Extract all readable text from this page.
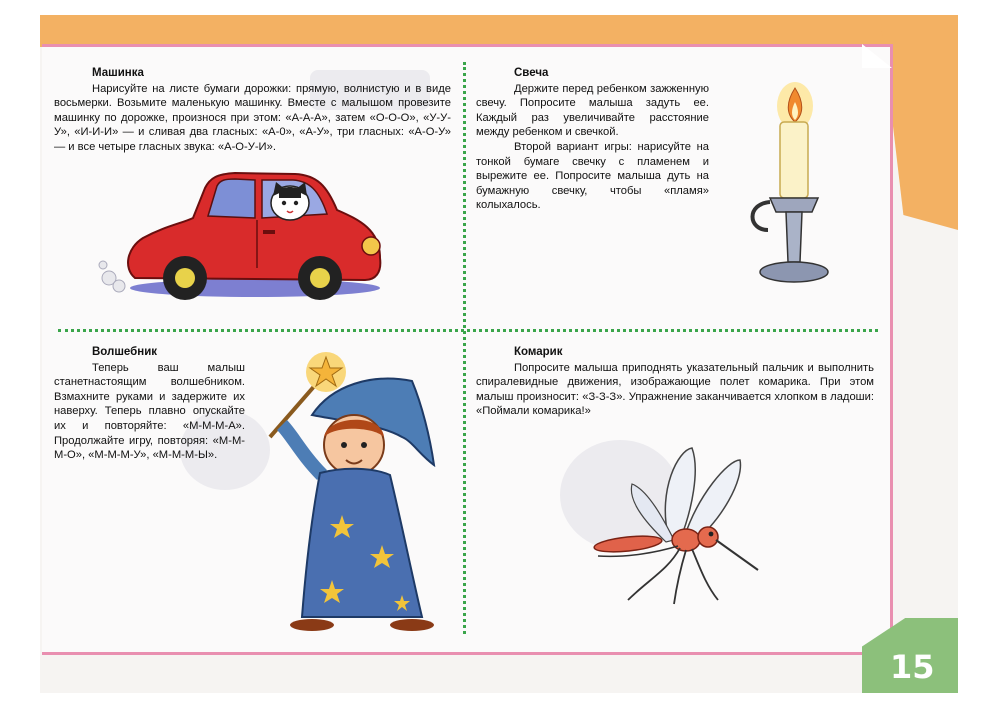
Машинка

Нарисуйте на листе бумаги дорожки: прямую, волнистую и в виде восьмерки. Возьмите маленькую машинку. Вместе с малышом провезите машинку по дорожке, произнося при этом: «А-А-А», затем «О-О-О», «У-У-У», «И-И-И» — и сливая два гласных: «А-0», «А-У», три гласных: «А-О-У» — и все четыре гласных звука: «А-О-У-И».

Свеча

Держите перед ребенком зажженную свечу. Попросите малыша задуть ее. Каждый раз увеличивайте расстояние между ребенком и свечкой.

Второй вариант игры: нарисуйте на тонкой бумаге свечку с пламенем и вырежите ее. Попросите малыша дуть на бумажную свечку, чтобы «пламя» колыхалось.

Волшебник

Теперь ваш малыш станетнастоящим волшебником. Взмахните руками и задержите их наверху. Теперь плавно опускайте их и повторяйте: «М-М-М-А». Продолжайте игру, повторяя: «М-М-М-О», «М-М-М-У», «М-М-М-Ы».

Комарик

Попросите малыша приподнять указательный пальчик и выполнить спиралевидные движения, изображающие полет комарика. При этом малыш произносит: «З-З-З». Упражнение заканчивается хлопком в ладоши: «Поймали комарика!»

15
